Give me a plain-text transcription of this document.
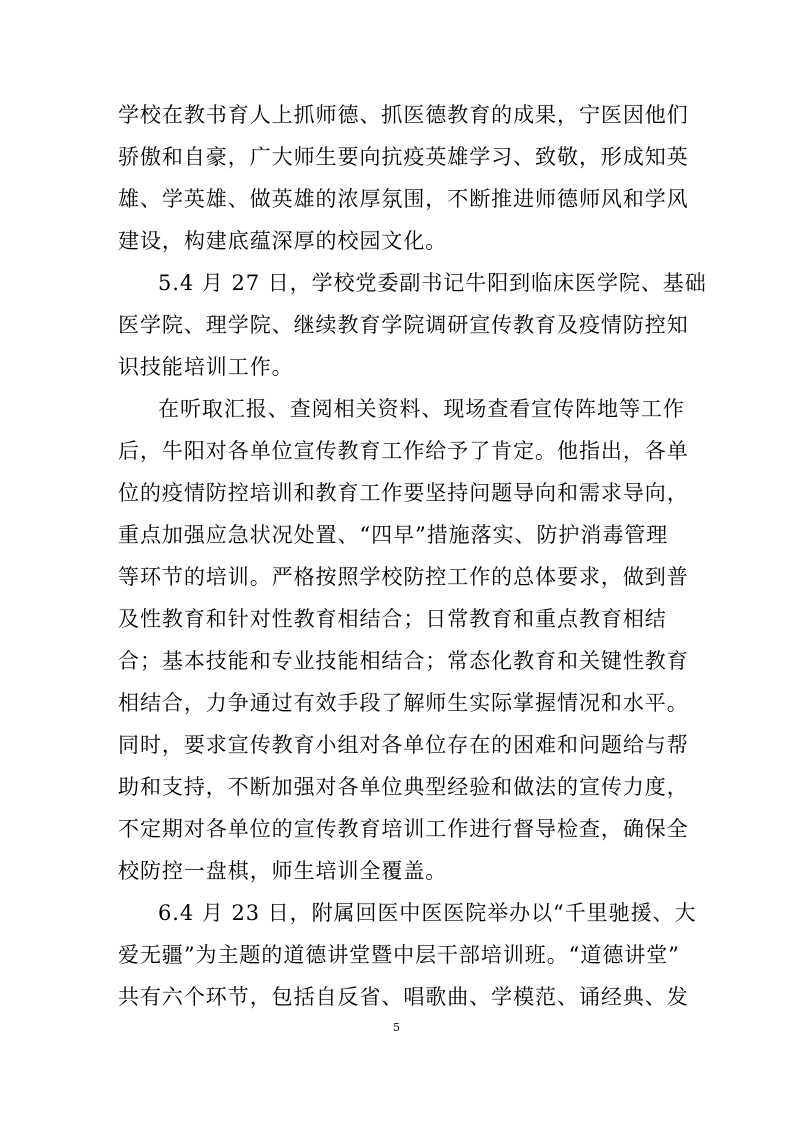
学校在教书育人上抓师德、抓医德教育的成果，宁医因他们
骄傲和自豪，广大师生要向抗疫英雄学习、致敬，形成知英
雄、学英雄、做英雄的浓厚氛围，不断推进师德师风和学风
建设，构建底蕴深厚的校园文化。
5.4 月 27 日，学校党委副书记牛阳到临床医学院、基础
医学院、理学院、继续教育学院调研宣传教育及疫情防控知
识技能培训工作。
在听取汇报、查阅相关资料、现场查看宣传阵地等工作
后，牛阳对各单位宣传教育工作给予了肯定。他指出，各单
位的疫情防控培训和教育工作要坚持问题导向和需求导向，
重点加强应急状况处置、“四早”措施落实、防护消毒管理
等环节的培训。严格按照学校防控工作的总体要求，做到普
及性教育和针对性教育相结合；日常教育和重点教育相结
合；基本技能和专业技能相结合；常态化教育和关键性教育
相结合，力争通过有效手段了解师生实际掌握情况和水平。
同时，要求宣传教育小组对各单位存在的困难和问题给与帮
助和支持，不断加强对各单位典型经验和做法的宣传力度，
不定期对各单位的宣传教育培训工作进行督导检查，确保全
校防控一盘棋，师生培训全覆盖。
6.4 月 23 日，附属回医中医医院举办以“千里驰援、大
爱无疆”为主题的道德讲堂暨中层干部培训班。“道德讲堂”
共有六个环节，包括自反省、唱歌曲、学模范、诵经典、发
5
